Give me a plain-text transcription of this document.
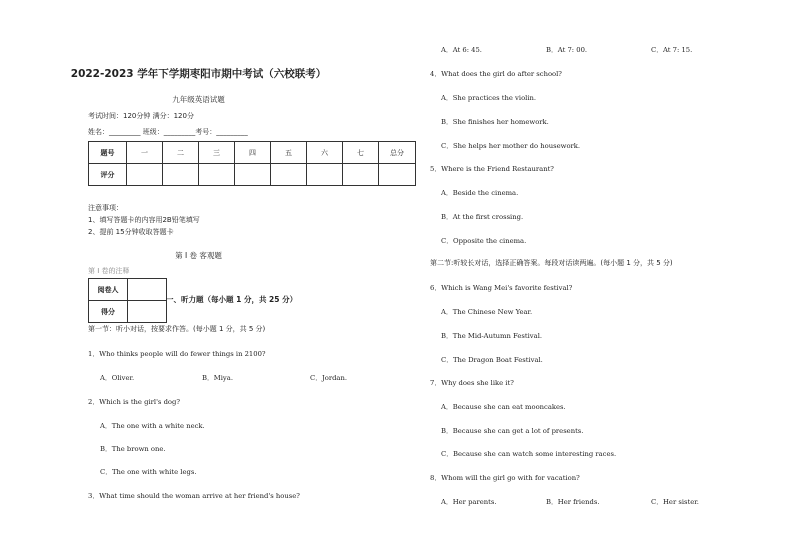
2022-2023 学年下学期枣阳市期中考试（六校联考）
九年级英语试题
考试时间：120分钟 满分：120分
姓名：_________ 班级：_________考号：_________
题号	一	二	三	四	五	六	七	总分
评分								
注意事项：
1、填写答题卡的内容用2B铅笔填写
2、提前 15分钟收取答题卡
第 I 卷 客观题
第 I 卷的注释
阅卷人	
得分	
一、听力题（每小题 1 分，共 25 分）
第一节：听小对话，按要求作答。(每小题 1 分，共 5 分)
1．Who thinks people will do fewer things in 2100?
A．Oliver.	B．Miya.	C．Jordan.
2．Which is the girl's dog?
A．The one with a white neck.
B．The brown one.
C．The one with white legs.
3．What time should the woman arrive at her friend's house?
A．At 6: 45.	B．At 7: 00.	C．At 7: 15.
4．What does the girl do after school?
A．She practices the violin.
B．She finishes her homework.
C．She helps her mother do housework.
5．Where is the Friend Restaurant?
A．Beside the cinema.
B．At the first crossing.
C．Opposite the cinema.
第二节:听较长对话，选择正确答案。每段对话读两遍。(每小题 1 分，共 5 分)
6．Which is Wang Mei's favorite festival?
A．The Chinese New Year.
B．The Mid-Autumn Festival.
C．The Dragon Boat Festival.
7．Why does she like it?
A．Because she can eat mooncakes.
B．Because she can get a lot of presents.
C．Because she can watch some interesting races.
8．Whom will the girl go with for vacation?
A．Her parents.	B．Her friends.	C．Her sister.
